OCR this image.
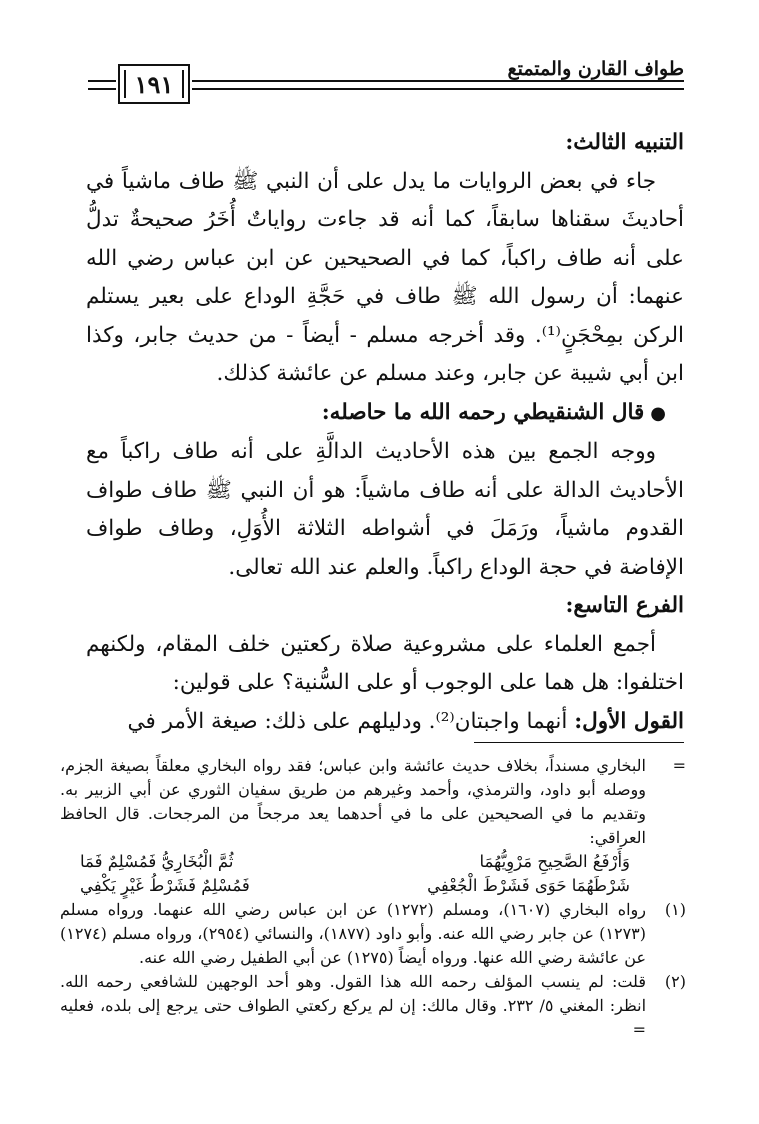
١٩١
طواف القارن والمتمتع

التنبيه الثالث:

جاء في بعض الروايات ما يدل على أن النبي ﷺ طاف ماشياً في أحاديثَ سقناها سابقاً، كما أنه قد جاءت رواياتٌ أُخَرُ صحيحةٌ تدلُّ على أنه طاف راكباً، كما في الصحيحين عن ابن عباس رضي الله عنهما: أن رسول الله ﷺ طاف في حَجَّةِ الوداع على بعير يستلم الركن بمِحْجَنٍ⁽¹⁾. وقد أخرجه مسلم - أيضاً - من حديث جابر، وكذا ابن أبي شيبة عن جابر، وعند مسلم عن عائشة كذلك.

●قال الشنقيطي رحمه الله ما حاصله:

ووجه الجمع بين هذه الأحاديث الدالَّةِ على أنه طاف راكباً مع الأحاديث الدالة على أنه طاف ماشياً: هو أن النبي ﷺ طاف طواف القدوم ماشياً، ورَمَلَ في أشواطه الثلاثة الأُوَلِ، وطاف طواف الإفاضة في حجة الوداع راكباً. والعلم عند الله تعالى.

الفرع التاسع:

أجمع العلماء على مشروعية صلاة ركعتين خلف المقام، ولكنهم اختلفوا: هل هما على الوجوب أو على السُّنية؟ على قولين:

القول الأول: أنهما واجبتان⁽²⁾. ودليلهم على ذلك: صيغة الأمر في

=
البخاري مسنداً، بخلاف حديث عائشة وابن عباس؛ فقد رواه البخاري معلقاً بصيغة الجزم، ووصله أبو داود، والترمذي، وأحمد وغيرهم من طريق سفيان الثوري عن أبي الزبير به. وتقديم ما في الصحيحين على ما في أحدهما يعد مرجحاً من المرجحات. قال الحافظ العراقي:

وَأَرْفَعُ الصَّحِيحِ مَرْوِيُّهُمَا
ثُمَّ الْبُخَارِيُّ فَمُسْلِمٌ فَمَا
شَرْطَهُمَا حَوَى فَشَرْطَ الْجُعْفِي
فَمُسْلِمٌ فَشَرْطُ غَيْرٍ يَكْفِي

(١)
رواه البخاري (١٦٠٧)، ومسلم (١٢٧٢) عن ابن عباس رضي الله عنهما. ورواه مسلم (١٢٧٣) عن جابر رضي الله عنه. وأبو داود (١٨٧٧)، والنسائي (٢٩٥٤)، ورواه مسلم (١٢٧٤) عن عائشة رضي الله عنها. ورواه أيضاً (١٢٧٥) عن أبي الطفيل رضي الله عنه.

(٢)
قلت: لم ينسب المؤلف رحمه الله هذا القول. وهو أحد الوجهين للشافعي رحمه الله. انظر: المغني ٥/ ٢٣٢. وقال مالك: إن لم يركع ركعتي الطواف حتى يرجع إلى بلده، فعليه =
